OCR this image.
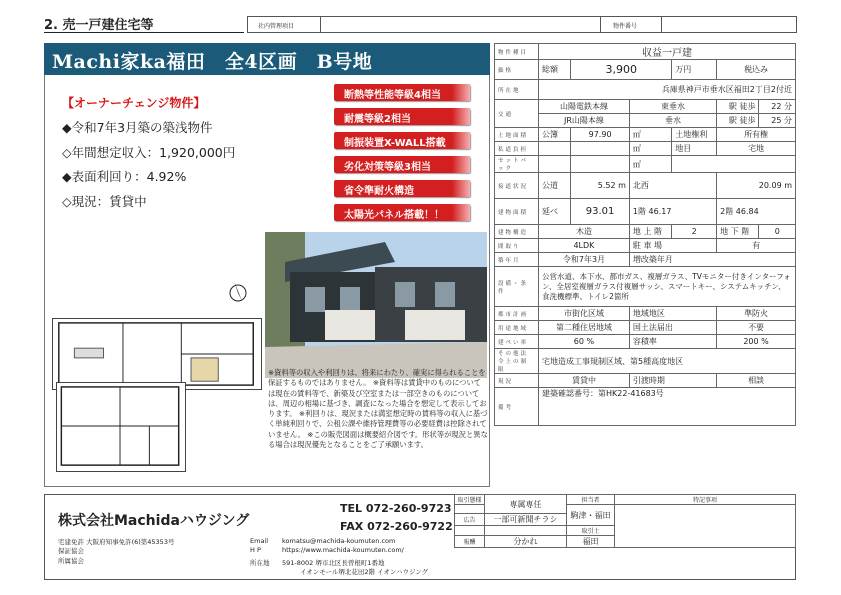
2. 売一戸建住宅等	社内管理項目	物件番号
Machi家ka福田　全4区画　B号地
【オーナーチェンジ物件】
◆令和7年3月築の築浅物件
◇年間想定収入：1,920,000円
◆表面利回り：4.92%
◇現況：賃貸中
断熱等性能等級4相当
耐震等級2相当
制振装置X-WALL搭載
劣化対策等級3相当
省令準耐火構造
太陽光パネル搭載！！
※資料等の収入や利回りは、将来にわたり、確実に得られることを保証するものではありません。 ※資料等は賃貸中のものについては現在の賃料等で、新築及び空室または一部空きのものについては、周辺の相場に基づき、調査になった場合を想定して表示しております。 ※利回りは、現況または満室想定時の賃料等の収入に基づく単純利回りで、公租公課や維持管理費等の必要経費は控除されていません。 ※この販売図面は概要紹介図です。形状等が現況と異なる場合は現況優先となることをご了承願います。
物件種目	収益一戸建					
価格	総額	3,900		万円	税込み	
所在地	兵庫県神戸市垂水区福田2丁目2付近					
交通	山陽電鉄本線		東垂水		駅 徒歩	22 分
	JR山陽本線		垂水		駅 徒歩	25 分
土地面積	公簿	97.90	㎡	土地権利	所有権	
私道負担			㎡	地目	宅地	
セットバック			㎡			
接道状況	公道	5.52 m	北西		20.09 m	
建物面積	延べ	93.01	1階 46.17		2階 46.84	
建物構造	木造		地 上 階	2	地 下 階	0
間取り	4LDK		駐 車 場		有	
築年月	令和7年3月		増改築年月			
設備・条件	公営水道、本下水、都市ガス、複層ガラス、TVモニター付きインターフォン、全居室複層ガラス付複層サッシ、スマートキー、システムキッチン、食洗機標準、トイレ2箇所					
都市計画	市街化区域		地域地区		準防火	
用途地域	第二種住居地域		国土法届出		不要	
建ぺい率	60 %		容積率		200 %	
その他法令上の制限	宅地造成工事規制区域、第5種高度地区					
現況	賃貸中		引渡時期		相談	
備考	建築確認番号：第HK22-41683号					
株式会社Machidaハウジング
TEL 072-260-9723
FAX 072-260-9722
宅建免許 大阪府知事免許(6)第45353号
保証協会
所属協会
Email komatsu@machida-koumuten.com
H P	https://www.machida-koumuten.com/
所在地 591-8002 堺市北区長曽根町1番地
イオンモール堺北花田2階 イオンハウジング
取引態様	専属専任	担当者	特記事項
		駒津・福田	
広告	一部可新聞チラシ		

		取引士	
報酬	分かれ	福田	
